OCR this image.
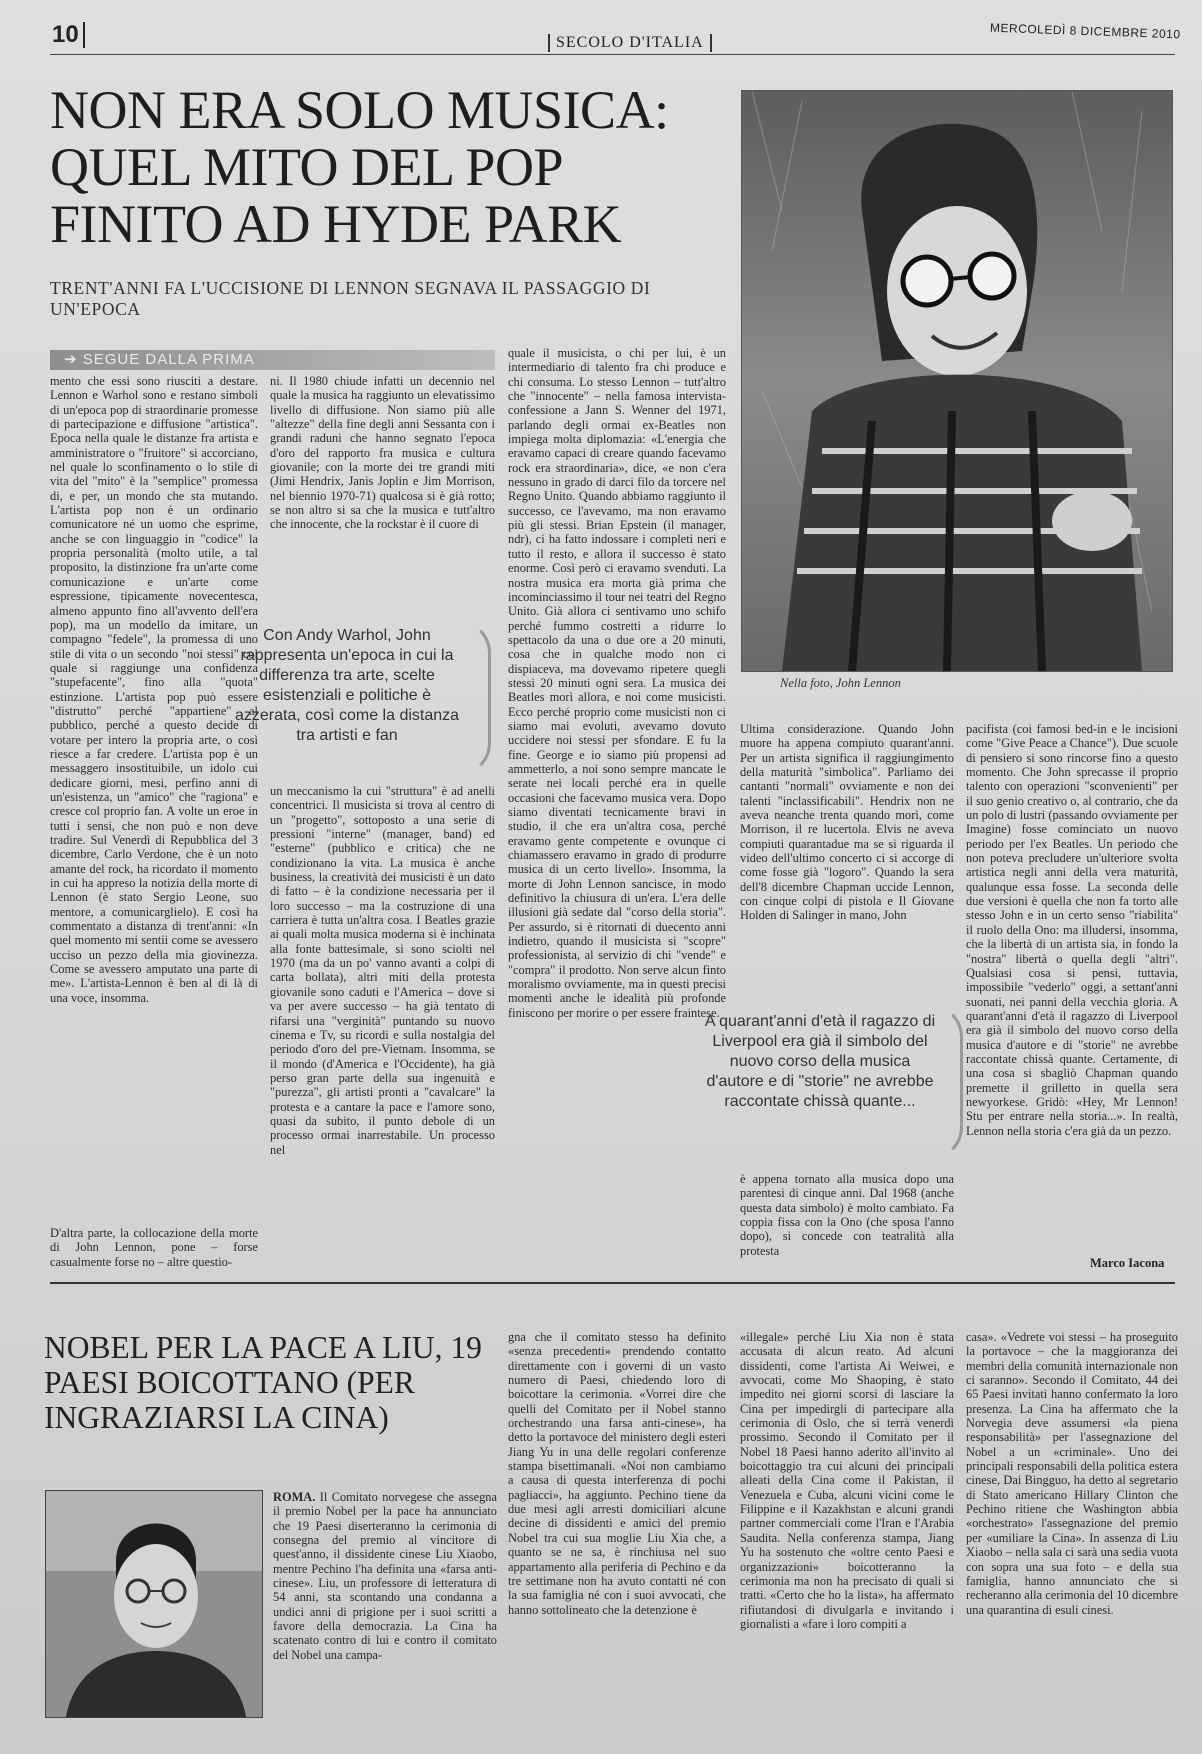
10	SECOLO D'ITALIA
MERCOLEDÌ 8 DICEMBRE 2010
NON ERA SOLO MUSICA: QUEL MITO DEL POP FINITO AD HYDE PARK

TRENT'ANNI FA L'UCCISIONE DI LENNON SEGNAVA IL PASSAGGIO DI UN'EPOCA

Nella foto, John Lennon
➔ SEGUE DALLA PRIMA

mento che essi sono riusciti a destare. Lennon e Warhol sono e restano simboli di un'epoca pop di straordinarie promesse di partecipazione e diffusione "artistica". Epoca nella quale le distanze fra artista e amministratore o "fruitore" si accorciano, nel quale lo sconfinamento o lo stile di vita del "mito" è la "semplice" promessa di, e per, un mondo che sta mutando. L'artista pop non è un ordinario comunicatore né un uomo che esprime, anche se con linguaggio in "codice" la propria personalità (molto utile, a tal proposito, la distinzione fra un'arte come comunicazione e un'arte come espressione, tipicamente novecentesca, almeno appunto fino all'avvento dell'era pop), ma un modello da imitare, un compagno "fedele", la promessa di uno stile di vita o un secondo "noi stessi" col quale si raggiunge una confidenza "stupefacente", fino alla "quota" estinzione. L'artista pop può essere "distrutto" perché "appartiene" al pubblico, perché a questo decide di votare per intero la propria arte, o così riesce a far credere. L'artista pop è un messaggero insostituibile, un idolo cui dedicare giorni, mesi, perfino anni di un'esistenza, un "amico" che "ragiona" e cresce col proprio fan. A volte un eroe in tutti i sensi, che non può e non deve tradire. Sul Venerdì di Repubblica del 3 dicembre, Carlo Verdone, che è un noto amante del rock, ha ricordato il momento in cui ha appreso la notizia della morte di Lennon (è stato Sergio Leone, suo mentore, a comunicarglielo). E così ha commentato a distanza di trent'anni: «In quel momento mi sentii come se avessero ucciso un pezzo della mia giovinezza. Come se avessero amputato una parte di me». L'artista-Lennon è ben al di là di una voce, insomma.

D'altra parte, la collocazione della morte di John Lennon, pone – forse casualmente forse no – altre questio-

ni. Il 1980 chiude infatti un decennio nel quale la musica ha raggiunto un elevatissimo livello di diffusione. Non siamo più alle "altezze" della fine degli anni Sessanta con i grandi raduni che hanno segnato l'epoca d'oro del rapporto fra musica e cultura giovanile; con la morte dei tre grandi miti (Jimi Hendrix, Janis Joplin e Jim Morrison, nel biennio 1970-71) qualcosa si è già rotto; se non altro si sa che la musica e tutt'altro che innocente, che la rockstar è il cuore di

un meccanismo la cui "struttura" è ad anelli concentrici. Il musicista si trova al centro di un "progetto", sottoposto a una serie di pressioni "interne" (manager, band) ed "esterne" (pubblico e critica) che ne condizionano la vita. La musica è anche business, la creatività dei musicisti è un dato di fatto – è la condizione necessaria per il loro successo – ma la costruzione di una carriera è tutta un'altra cosa. I Beatles grazie ai quali molta musica moderna si è inchinata alla fonte battesimale, si sono sciolti nel 1970 (ma da un po' vanno avanti a colpi di carta bollata), altri miti della protesta giovanile sono caduti e l'America – dove si va per avere successo – ha già tentato di rifarsi una "verginità" puntando su nuovo cinema e Tv, su ricordi e sulla nostalgia del periodo d'oro del pre-Vietnam. Insomma, se il mondo (d'America e l'Occidente), ha già perso gran parte della sua ingenuità e "purezza", gli artisti pronti a "cavalcare" la protesta e a cantare la pace e l'amore sono, quasi da subito, il punto debole di un processo ormai inarrestabile. Un processo nel

quale il musicista, o chi per lui, è un intermediario di talento fra chi produce e chi consuma. Lo stesso Lennon – tutt'altro che "innocente" – nella famosa intervista-confessione a Jann S. Wenner del 1971, parlando degli ormai ex-Beatles non impiega molta diplomazia: «L'energia che eravamo capaci di creare quando facevamo rock era straordinaria», dice, «e non c'era nessuno in grado di darci filo da torcere nel Regno Unito. Quando abbiamo raggiunto il successo, ce l'avevamo, ma non eravamo più gli stessi. Brian Epstein (il manager, ndr), ci ha fatto indossare i completi neri e tutto il resto, e allora il successo è stato enorme. Così però ci eravamo svenduti. La nostra musica era morta già prima che incominciassimo il tour nei teatri del Regno Unito. Già allora ci sentivamo uno schifo perché fummo costretti a ridurre lo spettacolo da una o due ore a 20 minuti, cosa che in qualche modo non ci dispiaceva, ma dovevamo ripetere quegli stessi 20 minuti ogni sera. La musica dei Beatles morì allora, e noi come musicisti. Ecco perché proprio come musicisti non ci siamo mai evoluti, avevamo dovuto uccidere noi stessi per sfondare. E fu la fine. George e io siamo più propensi ad ammetterlo, a noi sono sempre mancate le serate nei locali perché era in quelle occasioni che facevamo musica vera. Dopo siamo diventati tecnicamente bravi in studio, il che era un'altra cosa, perché eravamo gente competente e ovunque ci chiamassero eravamo in grado di produrre musica di un certo livello». Insomma, la morte di John Lennon sancisce, in modo definitivo la chiusura di un'era. L'era delle illusioni già sedate dal "corso della storia". Per assurdo, si è ritornati di duecento anni indietro, quando il musicista si "scopre" professionista, al servizio di chi "vende" e "compra" il prodotto. Non serve alcun finto moralismo ovviamente, ma in questi precisi momenti anche le idealità più profonde finiscono per morire o per essere fraintese.

Ultima considerazione. Quando John muore ha appena compiuto quarant'anni. Per un artista significa il raggiungimento della maturità "simbolica". Parliamo dei cantanti "normali" ovviamente e non dei talenti "inclassificabili". Hendrix non ne aveva neanche trenta quando morì, come Morrison, il re lucertola. Elvis ne aveva compiuti quarantadue ma se si riguarda il video dell'ultimo concerto ci si accorge di come fosse già "logoro". Quando la sera dell'8 dicembre Chapman uccide Lennon, con cinque colpi di pistola e Il Giovane Holden di Salinger in mano, John

è appena tornato alla musica dopo una parentesi di cinque anni. Dal 1968 (anche questa data simbolo) è molto cambiato. Fa coppia fissa con la Ono (che sposa l'anno dopo), si concede con teatralità alla protesta

pacifista (coi famosi bed-in e le incisioni come "Give Peace a Chance"). Due scuole di pensiero si sono rincorse fino a questo momento. Che John sprecasse il proprio talento con operazioni "sconvenienti" per il suo genio creativo o, al contrario, che da un polo di lustri (passando ovviamente per Imagine) fosse cominciato un nuovo periodo per l'ex Beatles. Un periodo che non poteva precludere un'ulteriore svolta artistica negli anni della vera maturità, qualunque essa fosse. La seconda delle due versioni è quella che non fa torto alle stesso John e in un certo senso "riabilita" il ruolo della Ono: ma illudersi, insomma, che la libertà di un artista sia, in fondo la "nostra" libertà o quella degli "altri". Qualsiasi cosa si pensi, tuttavia, impossibile "vederlo" oggi, a settant'anni suonati, nei panni della vecchia gloria. A quarant'anni d'età il ragazzo di Liverpool era già il simbolo del nuovo corso della musica d'autore e di "storie" ne avrebbe raccontate chissà quante. Certamente, di una cosa si sbagliò Chapman quando premette il grilletto in quella sera newyorkese. Gridò: «Hey, Mr Lennon! Stu per entrare nella storia...». In realtà, Lennon nella storia c'era già da un pezzo.

Con Andy Warhol, John rappresenta un'epoca in cui la differenza tra arte, scelte esistenziali e politiche è azzerata, così come la distanza tra artisti e fan
A quarant'anni d'età il ragazzo di Liverpool era già il simbolo del nuovo corso della musica d'autore e di "storie" ne avrebbe raccontate chissà quante...
Marco Iacona
NOBEL PER LA PACE A LIU, 19 PAESI BOICOTTANO (PER INGRAZIARSI LA CINA)
ROMA. Il Comitato norvegese che assegna il premio Nobel per la pace ha annunciato che 19 Paesi diserteranno la cerimonia di consegna del premio al vincitore di quest'anno, il dissidente cinese Liu Xiaobo, mentre Pechino l'ha definita una «farsa anti-cinese». Liu, un professore di letteratura di 54 anni, sta scontando una condanna a undici anni di prigione per i suoi scritti a favore della democrazia. La Cina ha scatenato contro di lui e contro il comitato del Nobel una campa-

gna che il comitato stesso ha definito «senza precedenti» prendendo contatto direttamente con i governi di un vasto numero di Paesi, chiedendo loro di boicottare la cerimonia. «Vorrei dire che quelli del Comitato per il Nobel stanno orchestrando una farsa anti-cinese», ha detto la portavoce del ministero degli esteri Jiang Yu in una delle regolari conferenze stampa bisettimanali. «Noi non cambiamo a causa di questa interferenza di pochi pagliacci», ha aggiunto. Pechino tiene da due mesi agli arresti domiciliari alcune decine di dissidenti e amici del premio Nobel tra cui sua moglie Liu Xia che, a quanto se ne sa, è rinchiusa nel suo appartamento alla periferia di Pechino e da tre settimane non ha avuto contatti né con la sua famiglia né con i suoi avvocati, che hanno sottolineato che la detenzione è

«illegale» perché Liu Xia non è stata accusata di alcun reato. Ad alcuni dissidenti, come l'artista Ai Weiwei, e avvocati, come Mo Shaoping, è stato impedito nei giorni scorsi di lasciare la Cina per impedirgli di partecipare alla cerimonia di Oslo, che si terrà venerdì prossimo. Secondo il Comitato per il Nobel 18 Paesi hanno aderito all'invito al boicottaggio tra cui alcuni dei principali alleati della Cina come il Pakistan, il Venezuela e Cuba, alcuni vicini come le Filippine e il Kazakhstan e alcuni grandi partner commerciali come l'Iran e l'Arabia Saudita. Nella conferenza stampa, Jiang Yu ha sostenuto che «oltre cento Paesi e organizzazioni» boicotteranno la cerimonia ma non ha precisato di quali si tratti. «Certo che ho la lista», ha affermato rifiutandosi di divulgarla e invitando i giornalisti a «fare i loro compiti a

casa». «Vedrete voi stessi – ha proseguito la portavoce – che la maggioranza dei membri della comunità internazionale non ci saranno». Secondo il Comitato, 44 dei 65 Paesi invitati hanno confermato la loro presenza. La Cina ha affermato che la Norvegia deve assumersi «la piena responsabilità» per l'assegnazione del Nobel a un «criminale». Uno dei principali responsabili della politica estera cinese, Dai Bingguo, ha detto al segretario di Stato americano Hillary Clinton che Pechino ritiene che Washington abbia «orchestrato» l'assegnazione del premio per «umiliare la Cina». In assenza di Liu Xiaobo – nella sala ci sarà una sedia vuota con sopra una sua foto – e della sua famiglia, hanno annunciato che si recheranno alla cerimonia del 10 dicembre una quarantina di esuli cinesi.
